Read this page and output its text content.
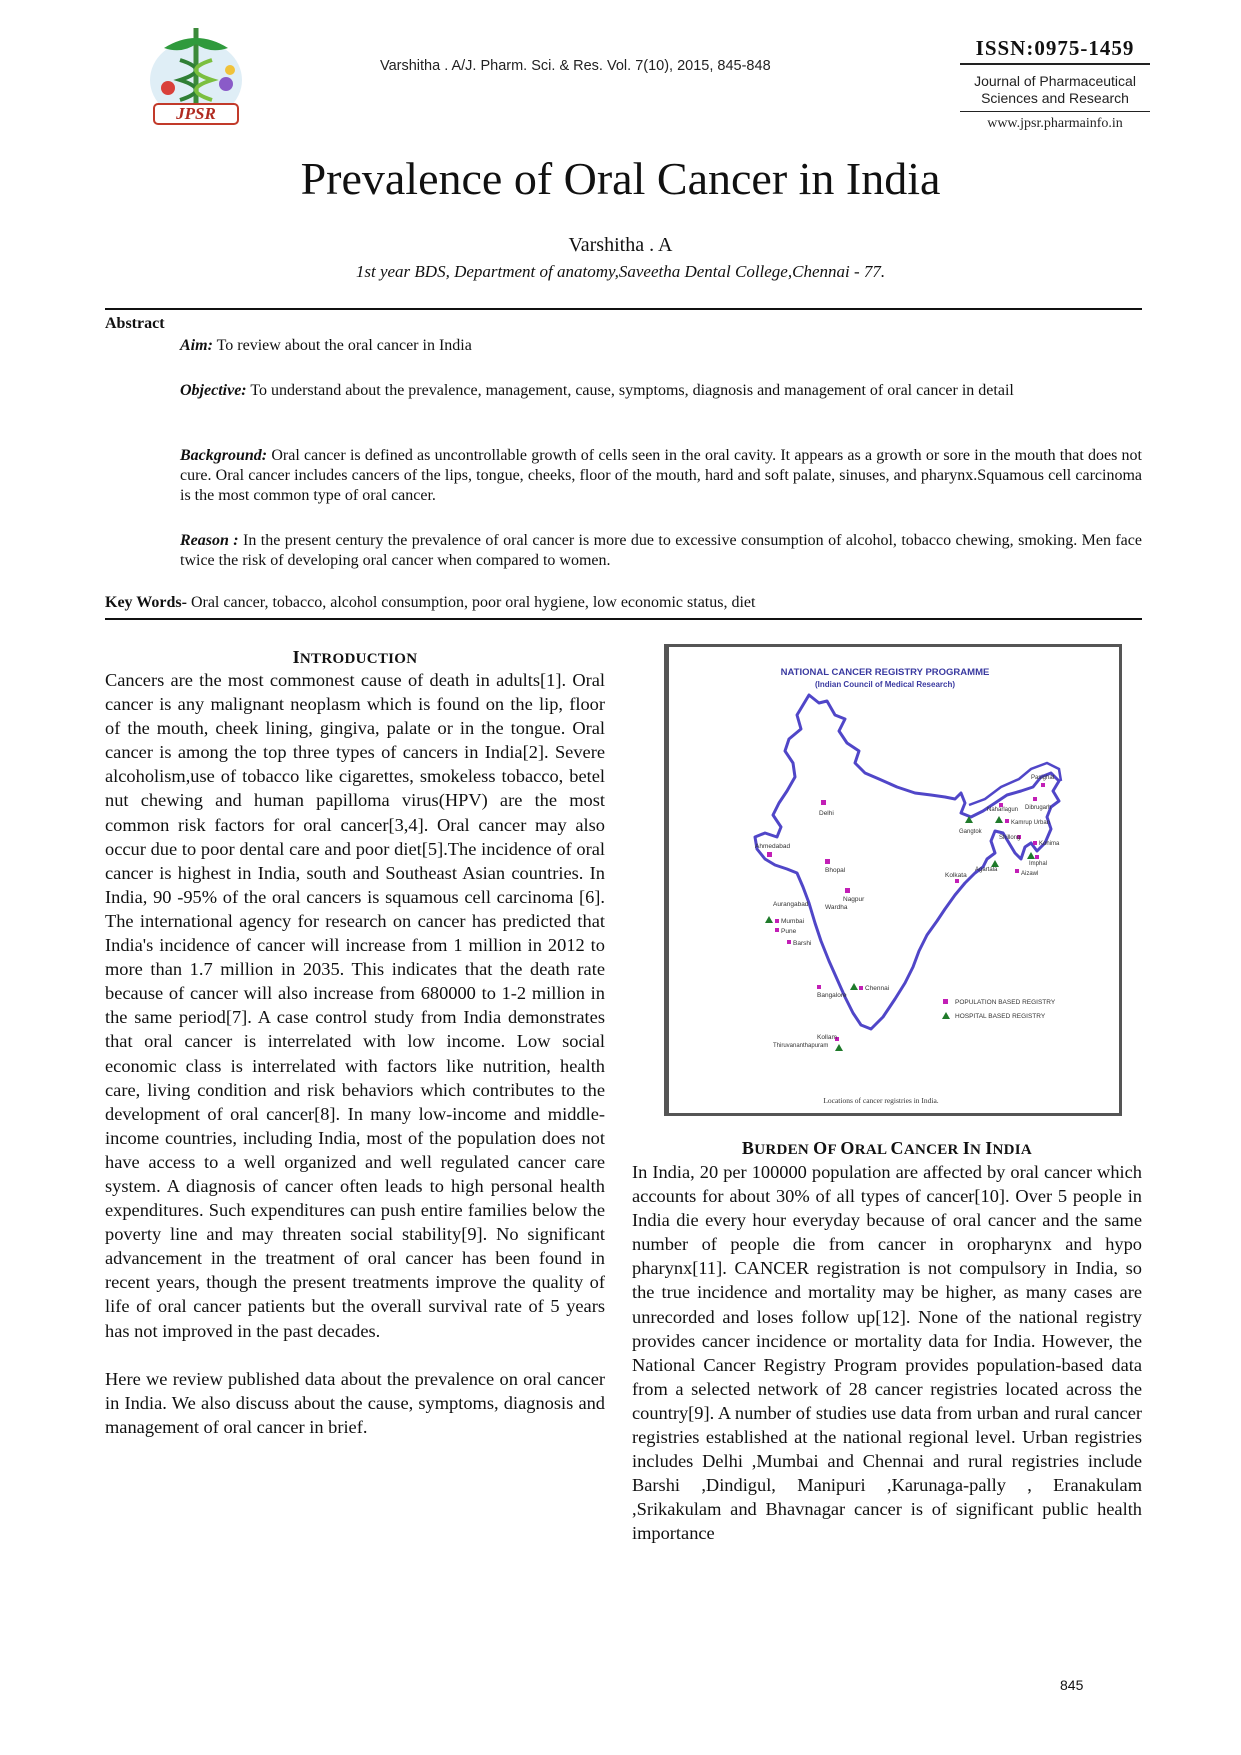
JPSR
Varshitha . A/J. Pharm. Sci. & Res. Vol. 7(10), 2015, 845-848
ISSN:0975-1459
Journal of Pharmaceutical
Sciences and Research
www.jpsr.pharmainfo.in
Prevalence of Oral Cancer in India
Varshitha . A
1st year BDS, Department of anatomy,Saveetha Dental College,Chennai - 77.
Abstract
Aim: To review about the oral cancer in India
Objective: To understand about the prevalence, management, cause, symptoms, diagnosis and management of oral cancer in detail
Background: Oral cancer is defined as uncontrollable growth of cells seen in the oral cavity. It appears as a growth or sore in the mouth that does not cure. Oral cancer includes cancers of the lips, tongue, cheeks, floor of the mouth, hard and soft palate, sinuses, and pharynx.Squamous cell carcinoma is the most common type of oral cancer.
Reason : In the present century the prevalence of oral cancer is more due to excessive consumption of alcohol, tobacco chewing, smoking. Men face twice the risk of developing oral cancer when compared to women.
Key Words- Oral cancer, tobacco, alcohol consumption, poor oral hygiene, low economic status, diet
INTRODUCTION

Cancers are the most commonest cause of death in adults[1]. Oral cancer is any malignant neoplasm which is found on the lip, floor of the mouth, cheek lining, gingiva, palate or in the tongue. Oral cancer is among the top three types of cancers in India[2]. Severe alcoholism,use of tobacco like cigarettes, smokeless tobacco, betel nut chewing and human papilloma virus(HPV) are the most common risk factors for oral cancer[3,4]. Oral cancer may also occur due to poor dental care and poor diet[5].The incidence of oral cancer is highest in India, south and Southeast Asian countries. In India, 90 -95% of the oral cancers is squamous cell carcinoma [6]. The international agency for research on cancer has predicted that India's incidence of cancer will increase from 1 million in 2012 to more than 1.7 million in 2035. This indicates that the death rate because of cancer will also increase from 680000 to 1-2 million in the same period[7]. A case control study from India demonstrates that oral cancer is interrelated with low income. Low social economic class is interrelated with factors like nutrition, health care, living condition and risk behaviors which contributes to the development of oral cancer[8]. In many low-income and middle-income countries, including India, most of the population does not have access to a well organized and well regulated cancer care system. A diagnosis of cancer often leads to high personal health expenditures. Such expenditures can push entire families below the poverty line and may threaten social stability[9]. No significant advancement in the treatment of oral cancer has been found in recent years, though the present treatments improve the quality of life of oral cancer patients but the overall survival rate of 5 years has not improved in the past decades.

Here we review published data about the prevalence on oral cancer in India. We also discuss about the cause, symptoms, diagnosis and management of oral cancer in brief.

NATIONAL CANCER REGISTRY PROGRAMME
(Indian Council of Medical Research)
Delhi
Ahmedabad
Bhopal
Nagpur
Wardha
Aurangabad
Mumbai
Pune
Barshi
Bangalore
Chennai
Kollam
Thiruvananthapuram
Kolkata
Gangtok
Naharlagun Dibrugarh
Pasighat
Kamrup Urban
Shillong
Kohima
Imphal
Agartala
Aizawl
POPULATION BASED REGISTRY
HOSPITAL BASED REGISTRY
Locations of cancer registries in India.
BURDEN OF ORAL CANCER IN INDIA

In India, 20 per 100000 population are affected by oral cancer which accounts for about 30% of all types of cancer[10]. Over 5 people in India die every hour everyday because of oral cancer and the same number of people die from cancer in oropharynx and hypo pharynx[11]. CANCER registration is not compulsory in India, so the true incidence and mortality may be higher, as many cases are unrecorded and loses follow up[12]. None of the national registry provides cancer incidence or mortality data for India. However, the National Cancer Registry Program provides population-based data from a selected network of 28 cancer registries located across the country[9]. A number of studies use data from urban and rural cancer registries established at the national regional level. Urban registries includes Delhi ,Mumbai and Chennai and rural registries include Barshi ,Dindigul, Manipuri ,Karunaga-pally , Eranakulam ,Srikakulam and Bhavnagar cancer is of significant public health importance

845
